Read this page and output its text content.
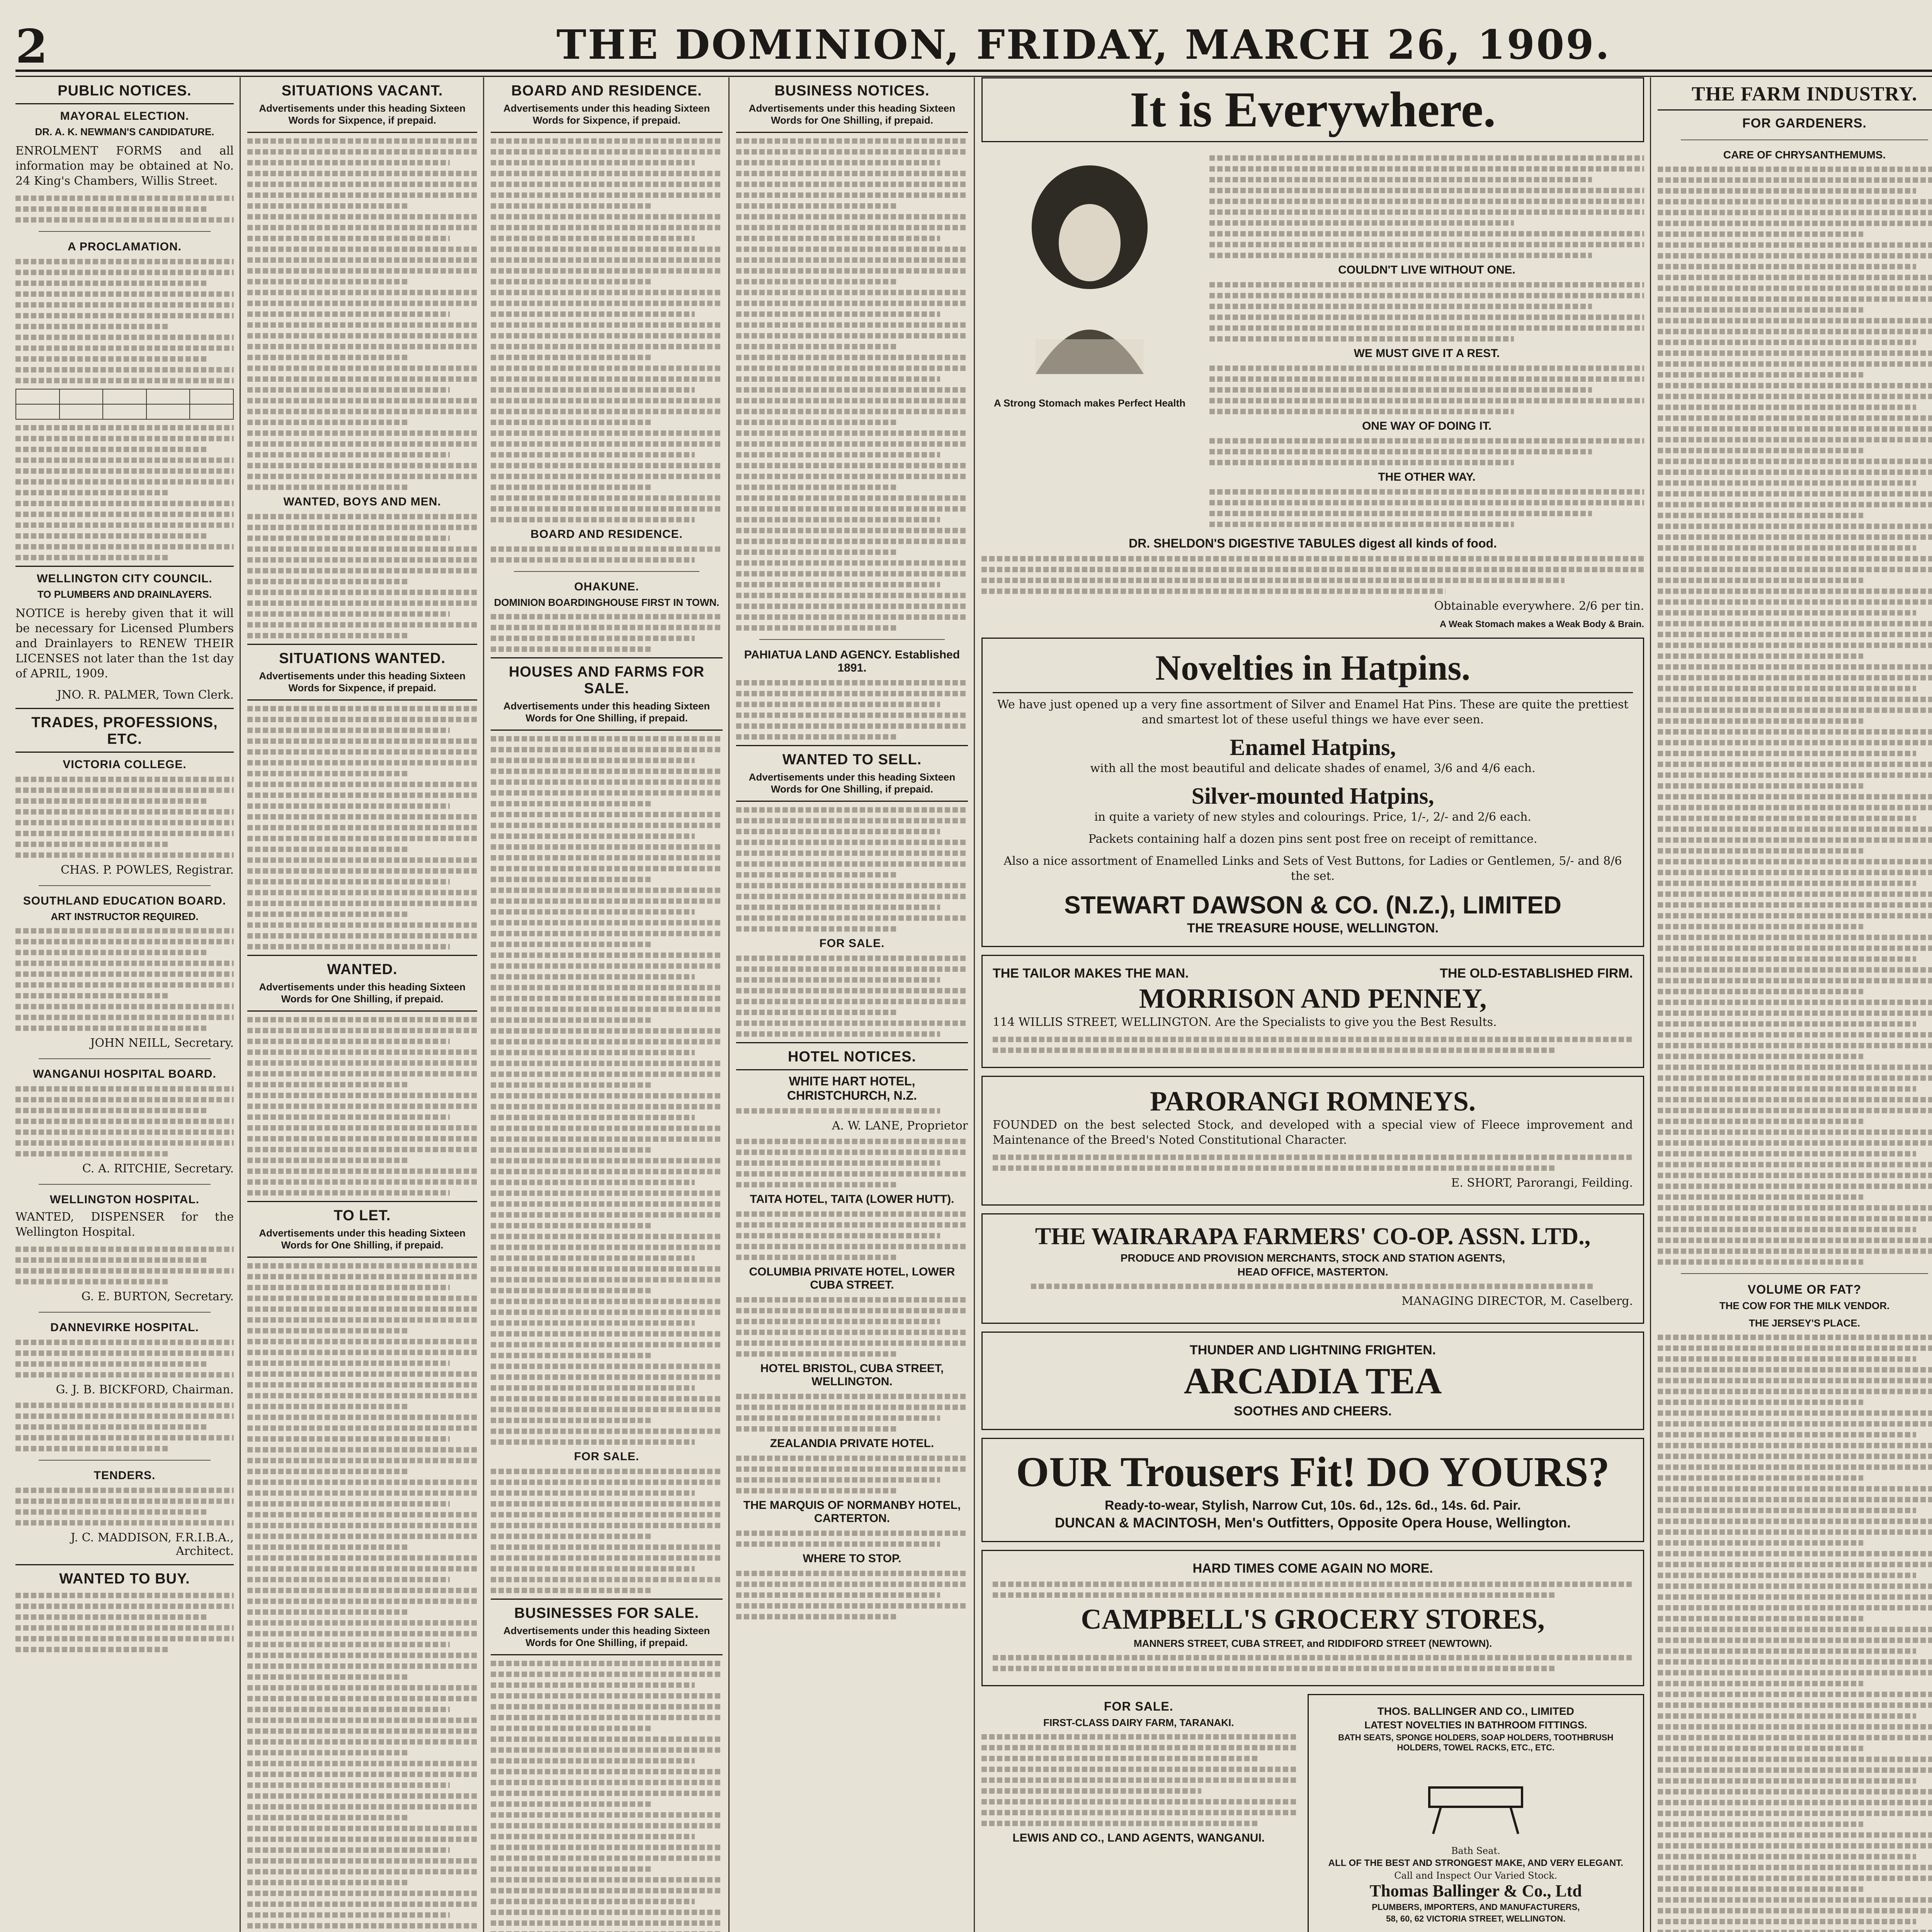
2	THE DOMINION, FRIDAY, MARCH 26, 1909.
PUBLIC NOTICES.
MAYORAL ELECTION.
DR. A. K. NEWMAN'S CANDIDATURE.

ENROLMENT FORMS and all information may be obtained at No. 24 King's Chambers, Willis Street.

A PROCLAMATION.

WELLINGTON CITY COUNCIL.
TO PLUMBERS AND DRAINLAYERS.

NOTICE is hereby given that it will be necessary for Licensed Plumbers and Drainlayers to RENEW THEIR LICENSES not later than the 1st day of APRIL, 1909.

JNO. R. PALMER, Town Clerk.
TRADES, PROFESSIONS, ETC.
VICTORIA COLLEGE.
CHAS. P. POWLES, Registrar.
SOUTHLAND EDUCATION BOARD.
ART INSTRUCTOR REQUIRED.
JOHN NEILL, Secretary.
WANGANUI HOSPITAL BOARD.
C. A. RITCHIE, Secretary.
WELLINGTON HOSPITAL.

WANTED, DISPENSER for the Wellington Hospital.

G. E. BURTON, Secretary.
DANNEVIRKE HOSPITAL.
G. J. B. BICKFORD, Chairman.
TENDERS.
J. C. MADDISON, F.R.I.B.A., Architect.
WANTED TO BUY.
SITUATIONS VACANT.
Advertisements under this heading Sixteen Words for Sixpence, if prepaid.
WANTED, BOYS AND MEN.
SITUATIONS WANTED.
Advertisements under this heading Sixteen Words for Sixpence, if prepaid.
WANTED.
Advertisements under this heading Sixteen Words for One Shilling, if prepaid.
TO LET.
Advertisements under this heading Sixteen Words for One Shilling, if prepaid.
BOARD AND RESIDENCE.
Advertisements under this heading Sixteen Words for Sixpence, if prepaid.
BOARD AND RESIDENCE.
OHAKUNE.
DOMINION BOARDINGHOUSE FIRST IN TOWN.
HOUSES AND FARMS FOR SALE.
Advertisements under this heading Sixteen Words for One Shilling, if prepaid.
FOR SALE.
BUSINESSES FOR SALE.
Advertisements under this heading Sixteen Words for One Shilling, if prepaid.
BUSINESS NOTICES.
Advertisements under this heading Sixteen Words for One Shilling, if prepaid.
PAHIATUA LAND AGENCY. Established 1891.
WANTED TO SELL.
Advertisements under this heading Sixteen Words for One Shilling, if prepaid.
FOR SALE.
HOTEL NOTICES.
WHITE HART HOTEL, CHRISTCHURCH, N.Z.
A. W. LANE, Proprietor
TAITA HOTEL, TAITA (LOWER HUTT).
COLUMBIA PRIVATE HOTEL, LOWER CUBA STREET.
HOTEL BRISTOL, CUBA STREET, WELLINGTON.
ZEALANDIA PRIVATE HOTEL.
THE MARQUIS OF NORMANBY HOTEL, CARTERTON.
WHERE TO STOP.
It is Everywhere.
A Strong Stomach makes Perfect Health
COULDN'T LIVE WITHOUT ONE.
WE MUST GIVE IT A REST.
ONE WAY OF DOING IT.
THE OTHER WAY.
DR. SHELDON'S DIGESTIVE TABULES digest all kinds of food.
Obtainable everywhere. 2/6 per tin.
A Weak Stomach makes a Weak Body & Brain.
Novelties in Hatpins.

We have just opened up a very fine assortment of Silver and Enamel Hat Pins. These are quite the prettiest and smartest lot of these useful things we have ever seen.

Enamel Hatpins,

with all the most beautiful and delicate shades of enamel, 3/6 and 4/6 each.

Silver-mounted Hatpins,

in quite a variety of new styles and colourings. Price, 1/-, 2/- and 2/6 each.

Packets containing half a dozen pins sent post free on receipt of remittance.

Also a nice assortment of Enamelled Links and Sets of Vest Buttons, for Ladies or Gentlemen, 5/- and 8/6 the set.

STEWART DAWSON & CO. (N.Z.), LIMITED
THE TREASURE HOUSE, WELLINGTON.
THE TAILOR MAKES THE MAN.	THE OLD-ESTABLISHED FIRM.
MORRISON AND PENNEY,

114 WILLIS STREET, WELLINGTON. Are the Specialists to give you the Best Results.

PARORANGI ROMNEYS.

FOUNDED on the best selected Stock, and developed with a special view of Fleece improvement and Maintenance of the Breed's Noted Constitutional Character.

E. SHORT, Parorangi, Feilding.
THE WAIRARAPA FARMERS' CO-OP. ASSN. LTD.,
PRODUCE AND PROVISION MERCHANTS, STOCK AND STATION AGENTS,
HEAD OFFICE, MASTERTON.
MANAGING DIRECTOR, M. Caselberg.
THUNDER AND LIGHTNING FRIGHTEN.
ARCADIA TEA
SOOTHES AND CHEERS.
OUR Trousers Fit! DO YOURS?
Ready-to-wear, Stylish, Narrow Cut, 10s. 6d., 12s. 6d., 14s. 6d. Pair.
DUNCAN & MACINTOSH, Men's Outfitters, Opposite Opera House, Wellington.
HARD TIMES COME AGAIN NO MORE.
CAMPBELL'S GROCERY STORES,
MANNERS STREET, CUBA STREET, and RIDDIFORD STREET (NEWTOWN).
FOR SALE.
FIRST-CLASS DAIRY FARM, TARANAKI.
LEWIS AND CO., LAND AGENTS, WANGANUI.
THOS. BALLINGER AND CO., LIMITED
LATEST NOVELTIES IN BATHROOM FITTINGS.
BATH SEATS, SPONGE HOLDERS, SOAP HOLDERS, TOOTHBRUSH HOLDERS, TOWEL RACKS, ETC., ETC.
Bath Seat.
ALL OF THE BEST AND STRONGEST MAKE, AND VERY ELEGANT.
Call and Inspect Our Varied Stock.
Thomas Ballinger & Co., Ltd
PLUMBERS, IMPORTERS, AND MANUFACTURERS,
58, 60, 62 VICTORIA STREET, WELLINGTON.
THE FARM INDUSTRY.
FOR GARDENERS.
CARE OF CHRYSANTHEMUMS.
VOLUME OR FAT?
THE COW FOR THE MILK VENDOR.
THE JERSEY'S PLACE.
